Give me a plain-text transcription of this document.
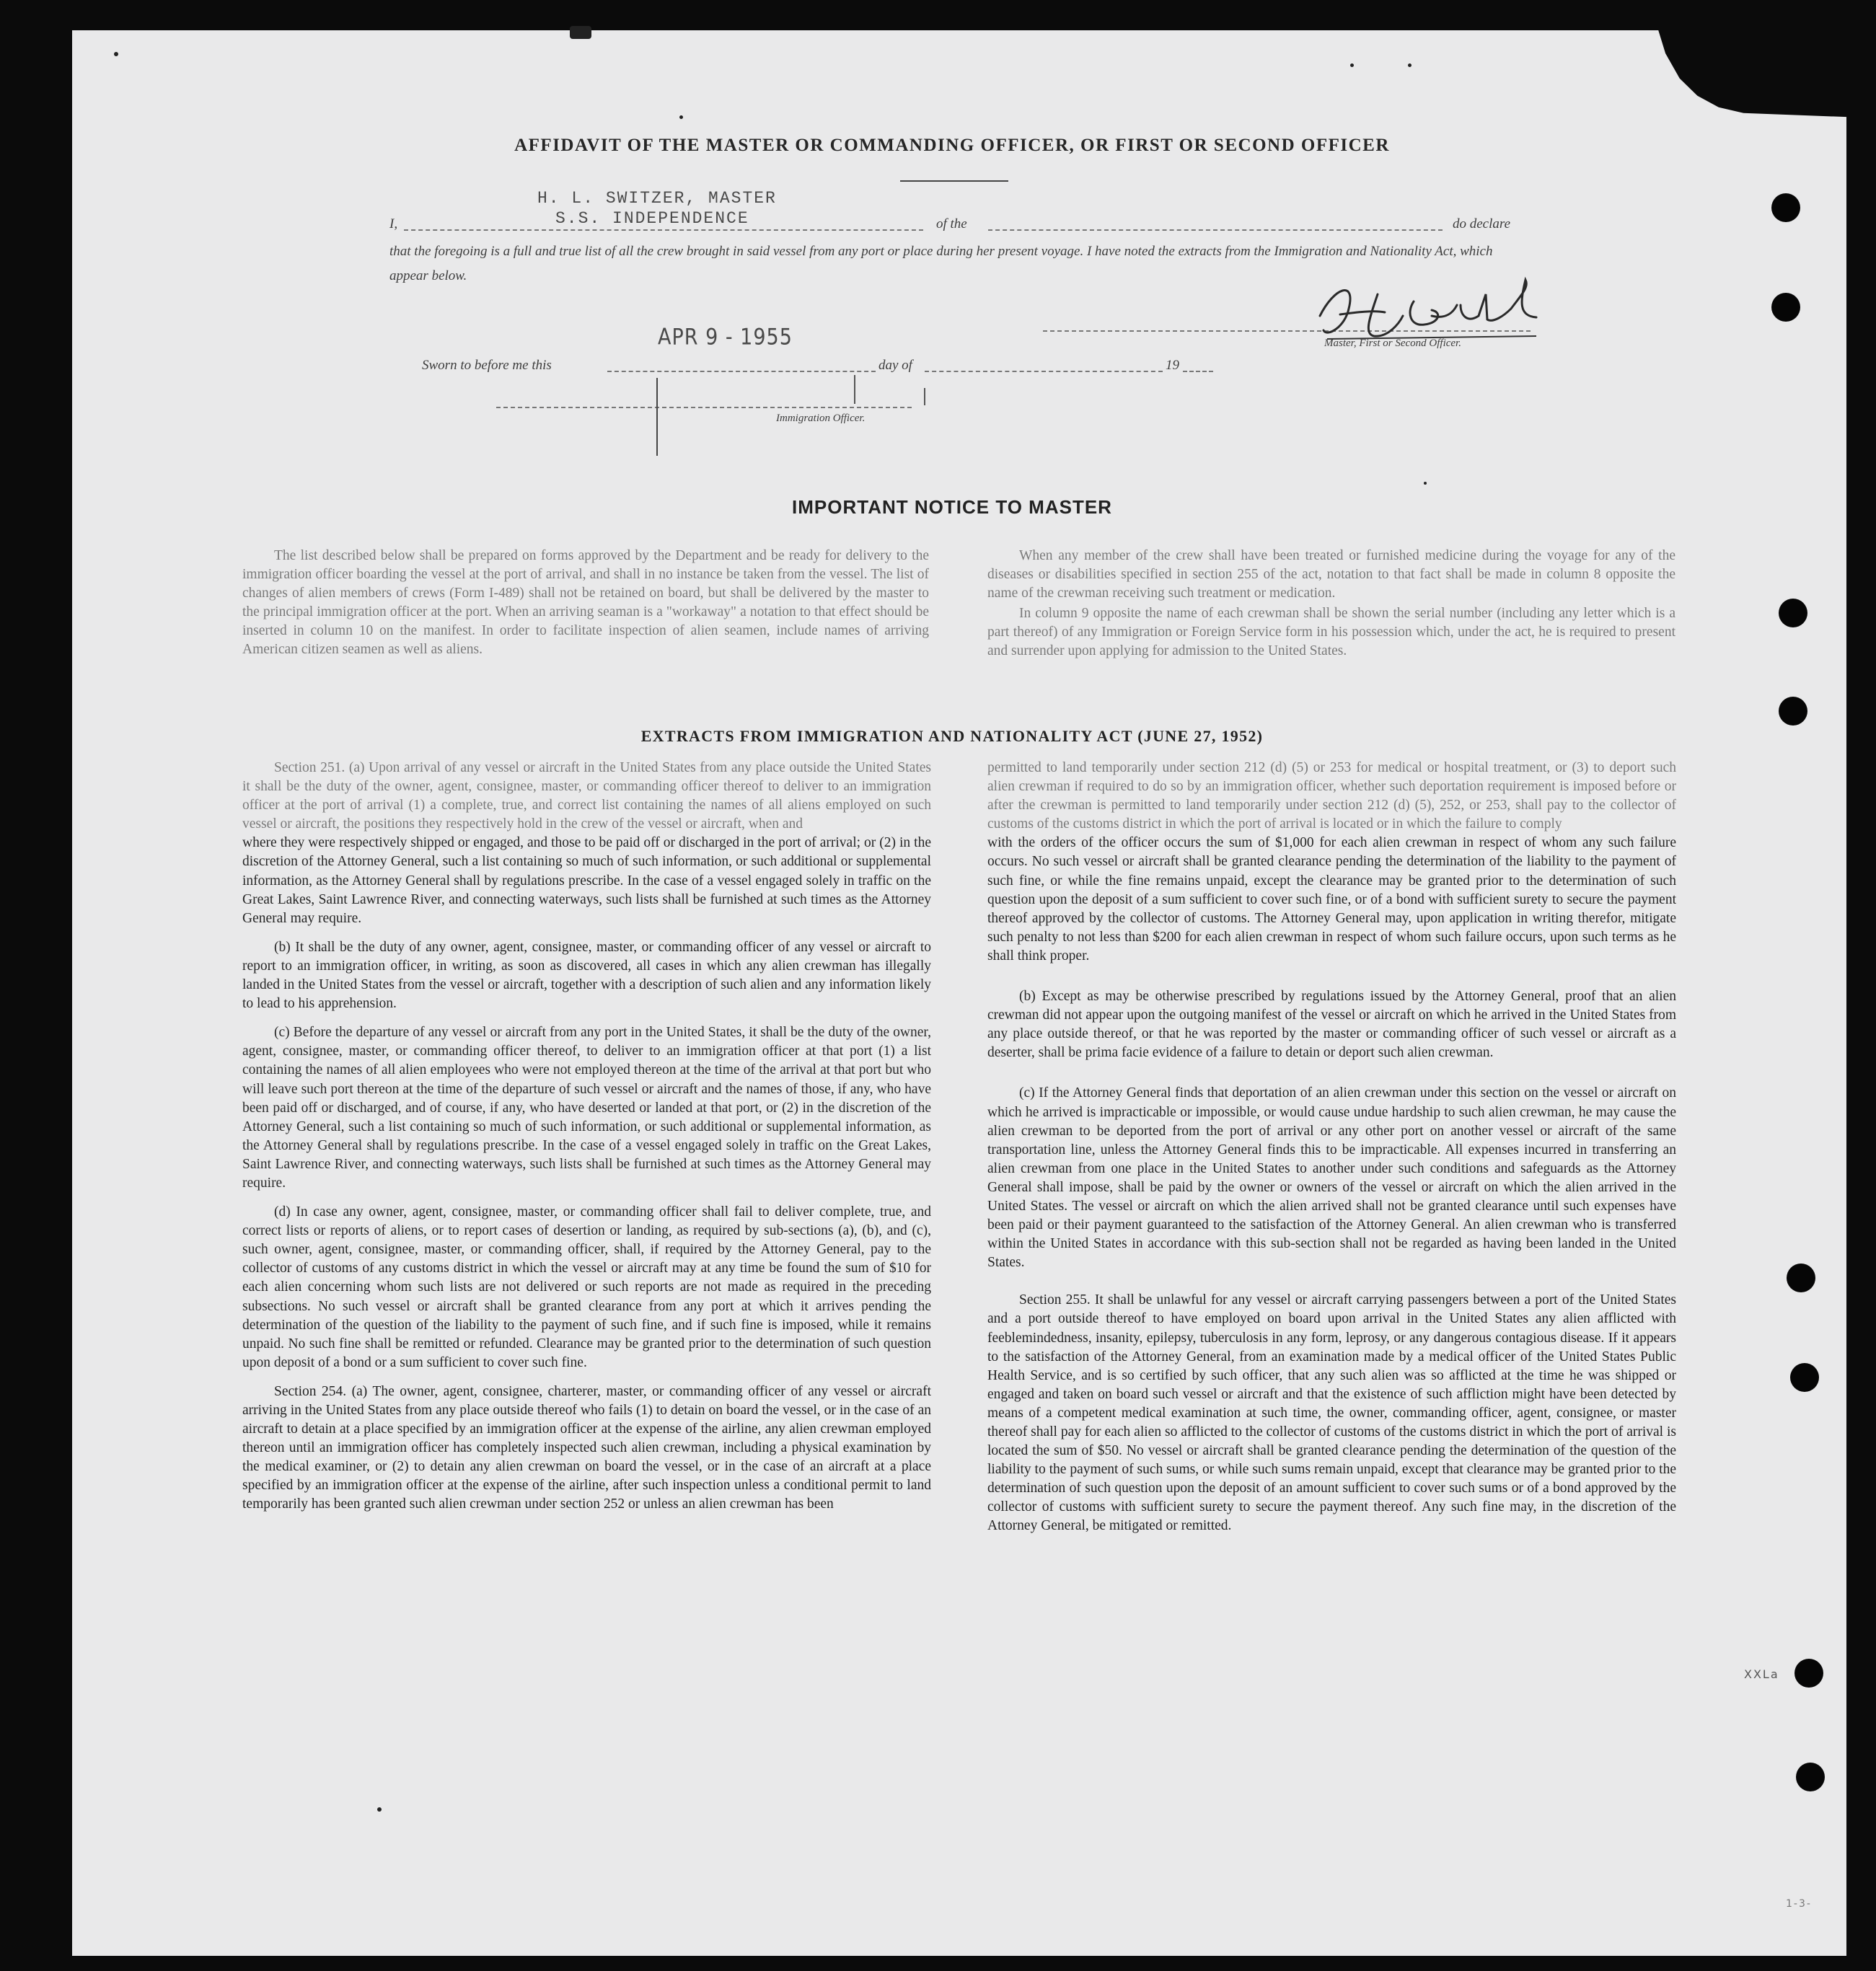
AFFIDAVIT OF THE MASTER OR COMMANDING OFFICER, OR FIRST OR SECOND OFFICER
H. L. SWITZER, MASTER
S.S. INDEPENDENCE
I,	of the	do declare
that the foregoing is a full and true list of all the crew brought in said vessel from any port or place during her present voyage. I have noted the extracts from the Immigration and Nationality Act, which appear below.
APR 9 - 1955	Master, First or Second Officer.
Sworn to before me this	day of	19
Immigration Officer.
IMPORTANT NOTICE TO MASTER

The list described below shall be prepared on forms approved by the Department and be ready for delivery to the immigration officer boarding the vessel at the port of arrival, and shall in no instance be taken from the vessel. The list of changes of alien members of crews (Form I-489) shall not be retained on board, but shall be delivered by the master to the principal immigration officer at the port. When an arriving seaman is a "workaway" a notation to that effect should be inserted in column 10 on the manifest. In order to facilitate inspection of alien seamen, include names of arriving American citizen seamen as well as aliens.

When any member of the crew shall have been treated or furnished medicine during the voyage for any of the diseases or disabilities specified in section 255 of the act, notation to that fact shall be made in column 8 opposite the name of the crewman receiving such treatment or medication.

In column 9 opposite the name of each crewman shall be shown the serial number (including any letter which is a part thereof) of any Immigration or Foreign Service form in his possession which, under the act, he is required to present and surrender upon applying for admission to the United States.

EXTRACTS FROM IMMIGRATION AND NATIONALITY ACT (JUNE 27, 1952)

Section 251. (a) Upon arrival of any vessel or aircraft in the United States from any place outside the United States it shall be the duty of the owner, agent, consignee, master, or commanding officer thereof to deliver to an immigration officer at the port of arrival (1) a complete, true, and correct list containing the names of all aliens employed on such vessel or aircraft, the positions they respectively hold in the crew of the vessel or aircraft, when and

where they were respectively shipped or engaged, and those to be paid off or discharged in the port of arrival; or (2) in the discretion of the Attorney General, such a list containing so much of such information, or such additional or supplemental information, as the Attorney General shall by regulations prescribe. In the case of a vessel engaged solely in traffic on the Great Lakes, Saint Lawrence River, and connecting waterways, such lists shall be furnished at such times as the Attorney General may require.

(b) It shall be the duty of any owner, agent, consignee, master, or commanding officer of any vessel or aircraft to report to an immigration officer, in writing, as soon as discovered, all cases in which any alien crewman has illegally landed in the United States from the vessel or aircraft, together with a description of such alien and any information likely to lead to his apprehension.

(c) Before the departure of any vessel or aircraft from any port in the United States, it shall be the duty of the owner, agent, consignee, master, or commanding officer thereof, to deliver to an immigration officer at that port (1) a list containing the names of all alien employees who were not employed thereon at the time of the arrival at that port but who will leave such port thereon at the time of the departure of such vessel or aircraft and the names of those, if any, who have been paid off or discharged, and of course, if any, who have deserted or landed at that port, or (2) in the discretion of the Attorney General, such a list containing so much of such information, or such additional or supplemental information, as the Attorney General shall by regulations prescribe. In the case of a vessel engaged solely in traffic on the Great Lakes, Saint Lawrence River, and connecting waterways, such lists shall be furnished at such times as the Attorney General may require.

(d) In case any owner, agent, consignee, master, or commanding officer shall fail to deliver complete, true, and correct lists or reports of aliens, or to report cases of desertion or landing, as required by sub-sections (a), (b), and (c), such owner, agent, consignee, master, or commanding officer, shall, if required by the Attorney General, pay to the collector of customs of any customs district in which the vessel or aircraft may at any time be found the sum of $10 for each alien concerning whom such lists are not delivered or such reports are not made as required in the preceding subsections. No such vessel or aircraft shall be granted clearance from any port at which it arrives pending the determination of the question of the liability to the payment of such fine, and if such fine is imposed, while it remains unpaid. No such fine shall be remitted or refunded. Clearance may be granted prior to the determination of such question upon deposit of a bond or a sum sufficient to cover such fine.

Section 254. (a) The owner, agent, consignee, charterer, master, or commanding officer of any vessel or aircraft arriving in the United States from any place outside thereof who fails (1) to detain on board the vessel, or in the case of an aircraft to detain at a place specified by an immigration officer at the expense of the airline, any alien crewman employed thereon until an immigration officer has completely inspected such alien crewman, including a physical examination by the medical examiner, or (2) to detain any alien crewman on board the vessel, or in the case of an aircraft at a place specified by an immigration officer at the expense of the airline, after such inspection unless a conditional permit to land temporarily has been granted such alien crewman under section 252 or unless an alien crewman has been

permitted to land temporarily under section 212 (d) (5) or 253 for medical or hospital treatment, or (3) to deport such alien crewman if required to do so by an immigration officer, whether such deportation requirement is imposed before or after the crewman is permitted to land temporarily under section 212 (d) (5), 252, or 253, shall pay to the collector of customs of the customs district in which the port of arrival is located or in which the failure to comply

with the orders of the officer occurs the sum of $1,000 for each alien crewman in respect of whom any such failure occurs. No such vessel or aircraft shall be granted clearance pending the determination of the liability to the payment of such fine, or while the fine remains unpaid, except the clearance may be granted prior to the determination of such question upon the deposit of a sum sufficient to cover such fine, or of a bond with sufficient surety to secure the payment thereof approved by the collector of customs. The Attorney General may, upon application in writing therefor, mitigate such penalty to not less than $200 for each alien crewman in respect of whom such failure occurs, upon such terms as he shall think proper.

(b) Except as may be otherwise prescribed by regulations issued by the Attorney General, proof that an alien crewman did not appear upon the outgoing manifest of the vessel or aircraft on which he arrived in the United States from any place outside thereof, or that he was reported by the master or commanding officer of such vessel or aircraft as a deserter, shall be prima facie evidence of a failure to detain or deport such alien crewman.

(c) If the Attorney General finds that deportation of an alien crewman under this section on the vessel or aircraft on which he arrived is impracticable or impossible, or would cause undue hardship to such alien crewman, he may cause the alien crewman to be deported from the port of arrival or any other port on another vessel or aircraft of the same transportation line, unless the Attorney General finds this to be impracticable. All expenses incurred in transferring an alien crewman from one place in the United States to another under such conditions and safeguards as the Attorney General shall impose, shall be paid by the owner or owners of the vessel or aircraft on which the alien arrived in the United States. The vessel or aircraft on which the alien arrived shall not be granted clearance until such expenses have been paid or their payment guaranteed to the satisfaction of the Attorney General. An alien crewman who is transferred within the United States in accordance with this sub-section shall not be regarded as having been landed in the United States.

Section 255. It shall be unlawful for any vessel or aircraft carrying passengers between a port of the United States and a port outside thereof to have employed on board upon arrival in the United States any alien afflicted with feeblemindedness, insanity, epilepsy, tuberculosis in any form, leprosy, or any dangerous contagious disease. If it appears to the satisfaction of the Attorney General, from an examination made by a medical officer of the United States Public Health Service, and is so certified by such officer, that any such alien was so afflicted at the time he was shipped or engaged and taken on board such vessel or aircraft and that the existence of such affliction might have been detected by means of a competent medical examination at such time, the owner, commanding officer, agent, consignee, or master thereof shall pay for each alien so afflicted to the collector of customs of the customs district in which the port of arrival is located the sum of $50. No vessel or aircraft shall be granted clearance pending the determination of the question of the liability to the payment of such sums, or while such sums remain unpaid, except that clearance may be granted prior to the determination of such question upon the deposit of an amount sufficient to cover such sums or of a bond approved by the collector of customs with sufficient surety to secure the payment thereof. Any such fine may, in the discretion of the Attorney General, be mitigated or remitted.

XXLa
1-3-
